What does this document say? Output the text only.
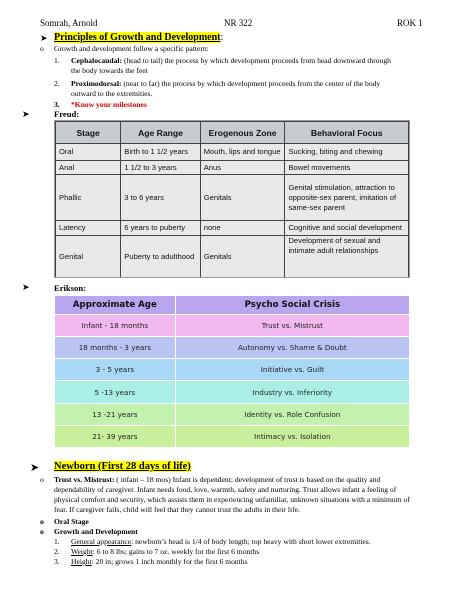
Somrah, Arnold	NR 322	ROK 1
➤ Principles of Growth and Development:
o Growth and development follow a specific pattern:
1. Cephalocaudal: (head to tail) the process by which development proceeds from head downward through
the body towards the feet
2. Proximodorsal: (near to far) the process by which development proceeds from the center of the body
outward to the extremities.
3. *Know your milestones
➤	Freud:
Stage	Age Range	Erogenous Zone	Behavioral Focus
Oral	Birth to 1 1/2 years	Mouth, lips and tongue	Sucking, biting and chewing
Anal	1 1/2 to 3 years	Anus	Bowel movements
Phallic	3 to 6 years	Genitals	Genital stimulation, attraction to opposite-sex parent, imitation of same-sex parent
Latency	6 years to puberty	none	Cognitive and social development
Genital	Puberty to adulthood	Genitals	Development of sexual and intimate adult relationships
➤	Erikson:
Approximate Age	Psycho Social Crisis
Infant - 18 months	Trust vs. Mistrust
18 months - 3 years	Autonomy vs. Shame & Doubt
3 - 5 years	Initiative vs. Guilt
5 -13 years	Industry vs. Inferiority
13 -21 years	Identity vs. Role Confusion
21- 39 years	Intimacy vs. Isolation
➤ Newborn (First 28 days of life)
o Trust vs. Mistrust: ( infant – 18 mos) Infant is dependent; development of trust is based on the quality and
dependability of caregiver. Infant needs food, love, warmth, safety and nurturing. Trust allows infant a feeling of
physical comfort and security, which assists them in experiencing unfamiliar, unknown situations with a minimum of
fear. If caregiver fails, child will feel that they cannot trust the adults in their life.
o Oral Stage
o Growth and Development
1. General appearance: newborn’s head is 1/4 of body length; top heavy with short lower extremities.
2. Weight: 6 to 8 lbs; gains to 7 oz. weekly for the first 6 months
3. Height: 20 in; grows 1 inch monthly for the first 6 months
